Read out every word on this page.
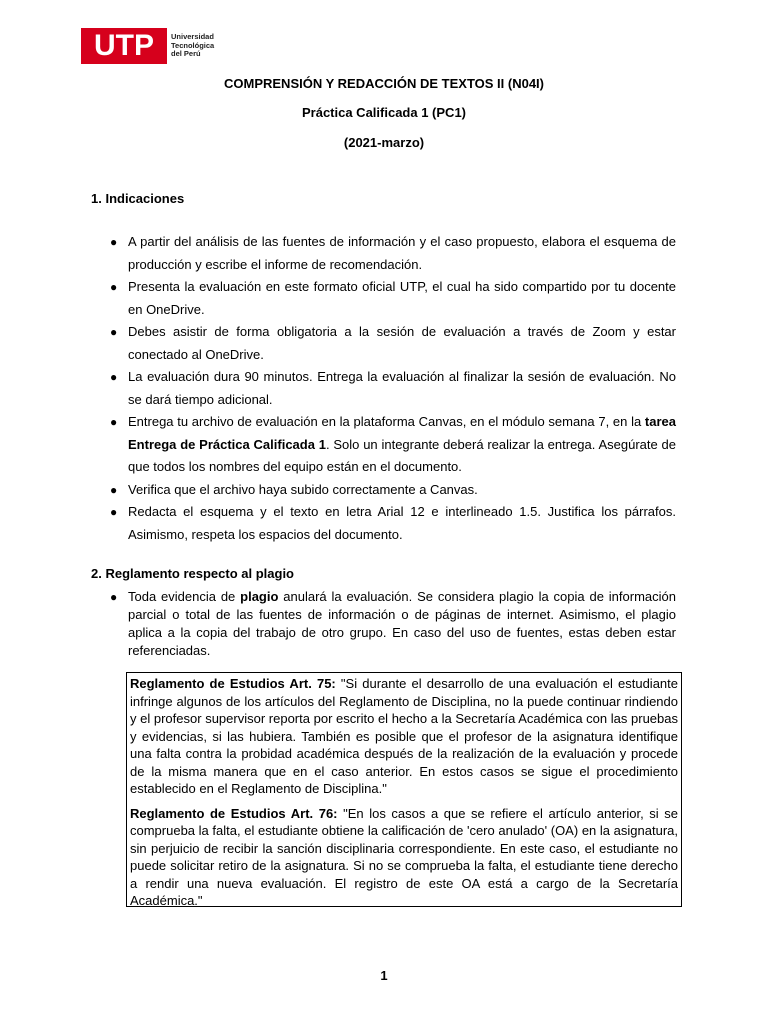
UTP	Universidad
Tecnológica
del Perú
COMPRENSIÓN Y REDACCIÓN DE TEXTOS II (N04I)
Práctica Calificada 1 (PC1)
(2021-marzo)
1. Indicaciones
● A partir del análisis de las fuentes de información y el caso propuesto, elabora el esquema de producción y escribe el informe de recomendación.
● Presenta la evaluación en este formato oficial UTP, el cual ha sido compartido por tu docente en OneDrive.
● Debes asistir de forma obligatoria a la sesión de evaluación a través de Zoom y estar conectado al OneDrive.
● La evaluación dura 90 minutos. Entrega la evaluación al finalizar la sesión de evaluación. No se dará tiempo adicional.
● Entrega tu archivo de evaluación en la plataforma Canvas, en el módulo semana 7, en la tarea Entrega de Práctica Calificada 1. Solo un integrante deberá realizar la entrega. Asegúrate de que todos los nombres del equipo están en el documento.
● Verifica que el archivo haya subido correctamente a Canvas.
● Redacta el esquema y el texto en letra Arial 12 e interlineado 1.5. Justifica los párrafos. Asimismo, respeta los espacios del documento.
2. Reglamento respecto al plagio
● Toda evidencia de plagio anulará la evaluación. Se considera plagio la copia de información parcial o total de las fuentes de información o de páginas de internet. Asimismo, el plagio aplica a la copia del trabajo de otro grupo. En caso del uso de fuentes, estas deben estar referenciadas.

Reglamento de Estudios Art. 75: "Si durante el desarrollo de una evaluación el estudiante infringe algunos de los artículos del Reglamento de Disciplina, no la puede continuar rindiendo y el profesor supervisor reporta por escrito el hecho a la Secretaría Académica con las pruebas y evidencias, si las hubiera. También es posible que el profesor de la asignatura identifique una falta contra la probidad académica después de la realización de la evaluación y procede de la misma manera que en el caso anterior. En estos casos se sigue el procedimiento establecido en el Reglamento de Disciplina."

Reglamento de Estudios Art. 76: "En los casos a que se refiere el artículo anterior, si se comprueba la falta, el estudiante obtiene la calificación de 'cero anulado' (OA) en la asignatura, sin perjuicio de recibir la sanción disciplinaria correspondiente. En este caso, el estudiante no puede solicitar retiro de la asignatura. Si no se comprueba la falta, el estudiante tiene derecho a rendir una nueva evaluación. El registro de este OA está a cargo de la Secretaría Académica."

1
